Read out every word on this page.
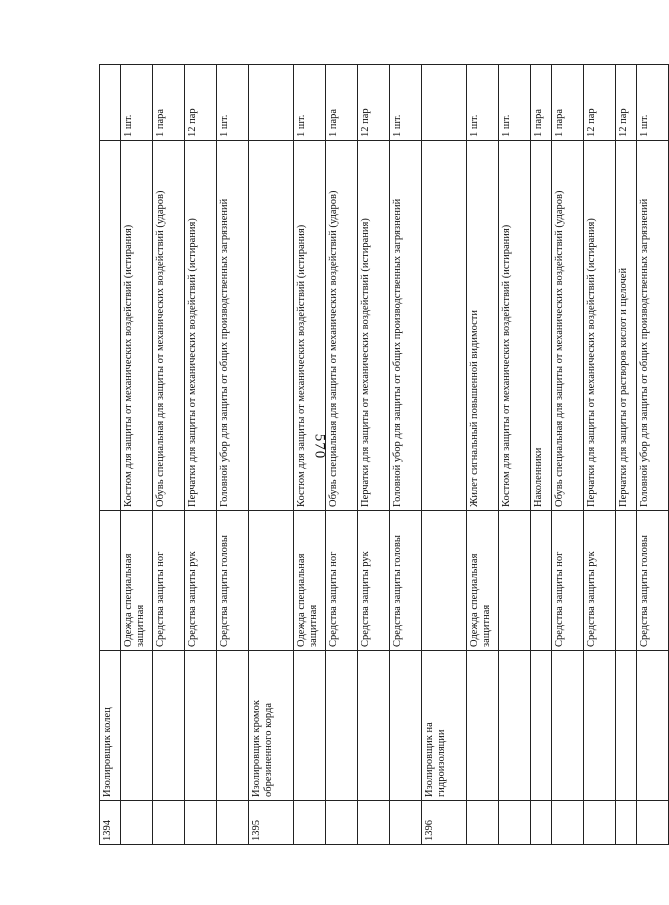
570
1394	Изолировщик колец			
		Одежда специальная защитная	Костюм для защиты от механических воздействий (истирания)	1 шт.
		Средства защиты ног	Обувь специальная для защиты от механических воздействий (ударов)	1 пара
		Средства защиты рук	Перчатки для защиты от механических воздействий (истирания)	12 пар
		Средства защиты головы	Головной убор для защиты от общих производственных загрязнений	1 шт.
1395	Изолировщик кромок обрезиненного корда			
		Одежда специальная защитная	Костюм для защиты от механических воздействий (истирания)	1 шт.
		Средства защиты ног	Обувь специальная для защиты от механических воздействий (ударов)	1 пара
		Средства защиты рук	Перчатки для защиты от механических воздействий (истирания)	12 пар
		Средства защиты головы	Головной убор для защиты от общих производственных загрязнений	1 шт.
1396	Изолировщик на гидроизоляции			
		Одежда специальная защитная	Жилет сигнальный повышенной видимости	1 шт.
			Костюм для защиты от механических воздействий (истирания)	1 шт.
			Наколенники	1 пара
		Средства защиты ног	Обувь специальная для защиты от механических воздействий (ударов)	1 пара
		Средства защиты рук	Перчатки для защиты от механических воздействий (истирания)	12 пар
			Перчатки для защиты от растворов кислот и щелочей	12 пар
		Средства защиты головы	Головной убор для защиты от общих производственных загрязнений	1 шт.
